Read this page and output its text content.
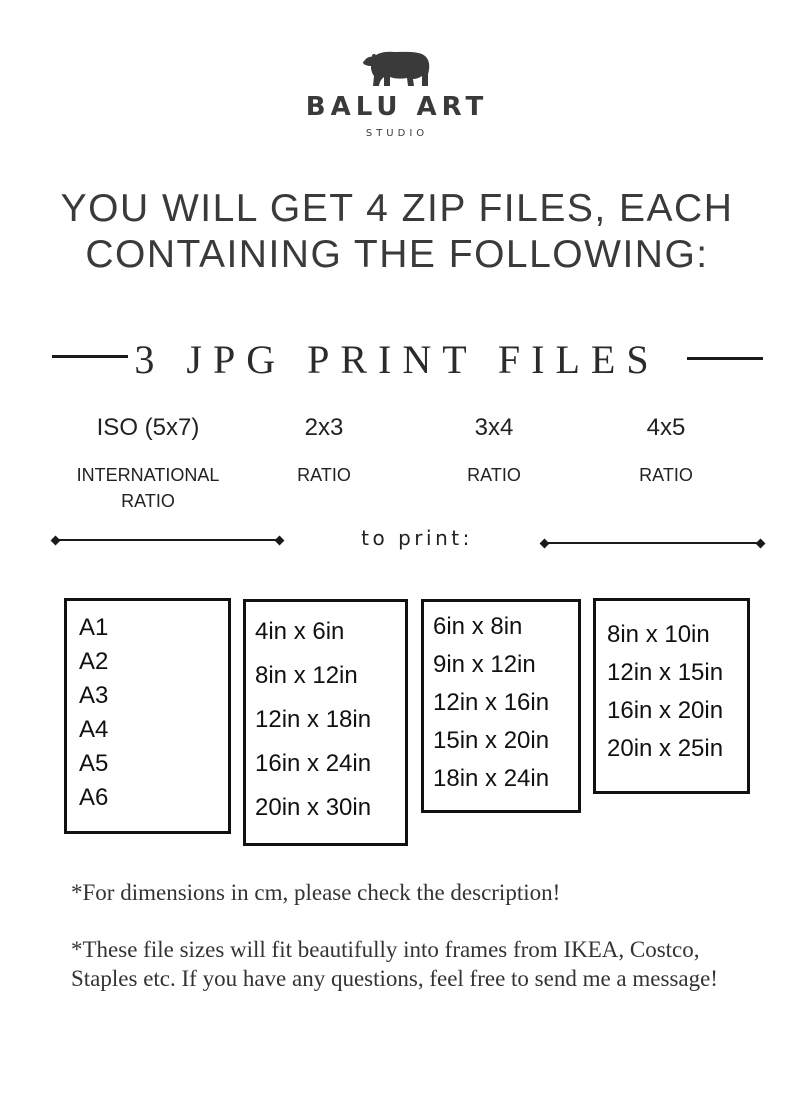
BALU ART
STUDIO
YOU WILL GET 4 ZIP FILES, EACH
CONTAINING THE FOLLOWING:
3 JPG PRINT FILES
ISO (5x7)
INTERNATIONAL
RATIO
2x3
RATIO
3x4
RATIO
4x5
RATIO
to print:
A1
A2
A3
A4
A5
A6
4in x 6in
8in x 12in
12in x 18in
16in x 24in
20in x 30in
6in x 8in
9in x 12in
12in x 16in
15in x 20in
18in x 24in
8in x 10in
12in x 15in
16in x 20in
20in x 25in

*For dimensions in cm, please check the description!

*These file sizes will fit beautifully into frames from IKEA, Costco, Staples etc. If you have any questions, feel free to send me a message!
